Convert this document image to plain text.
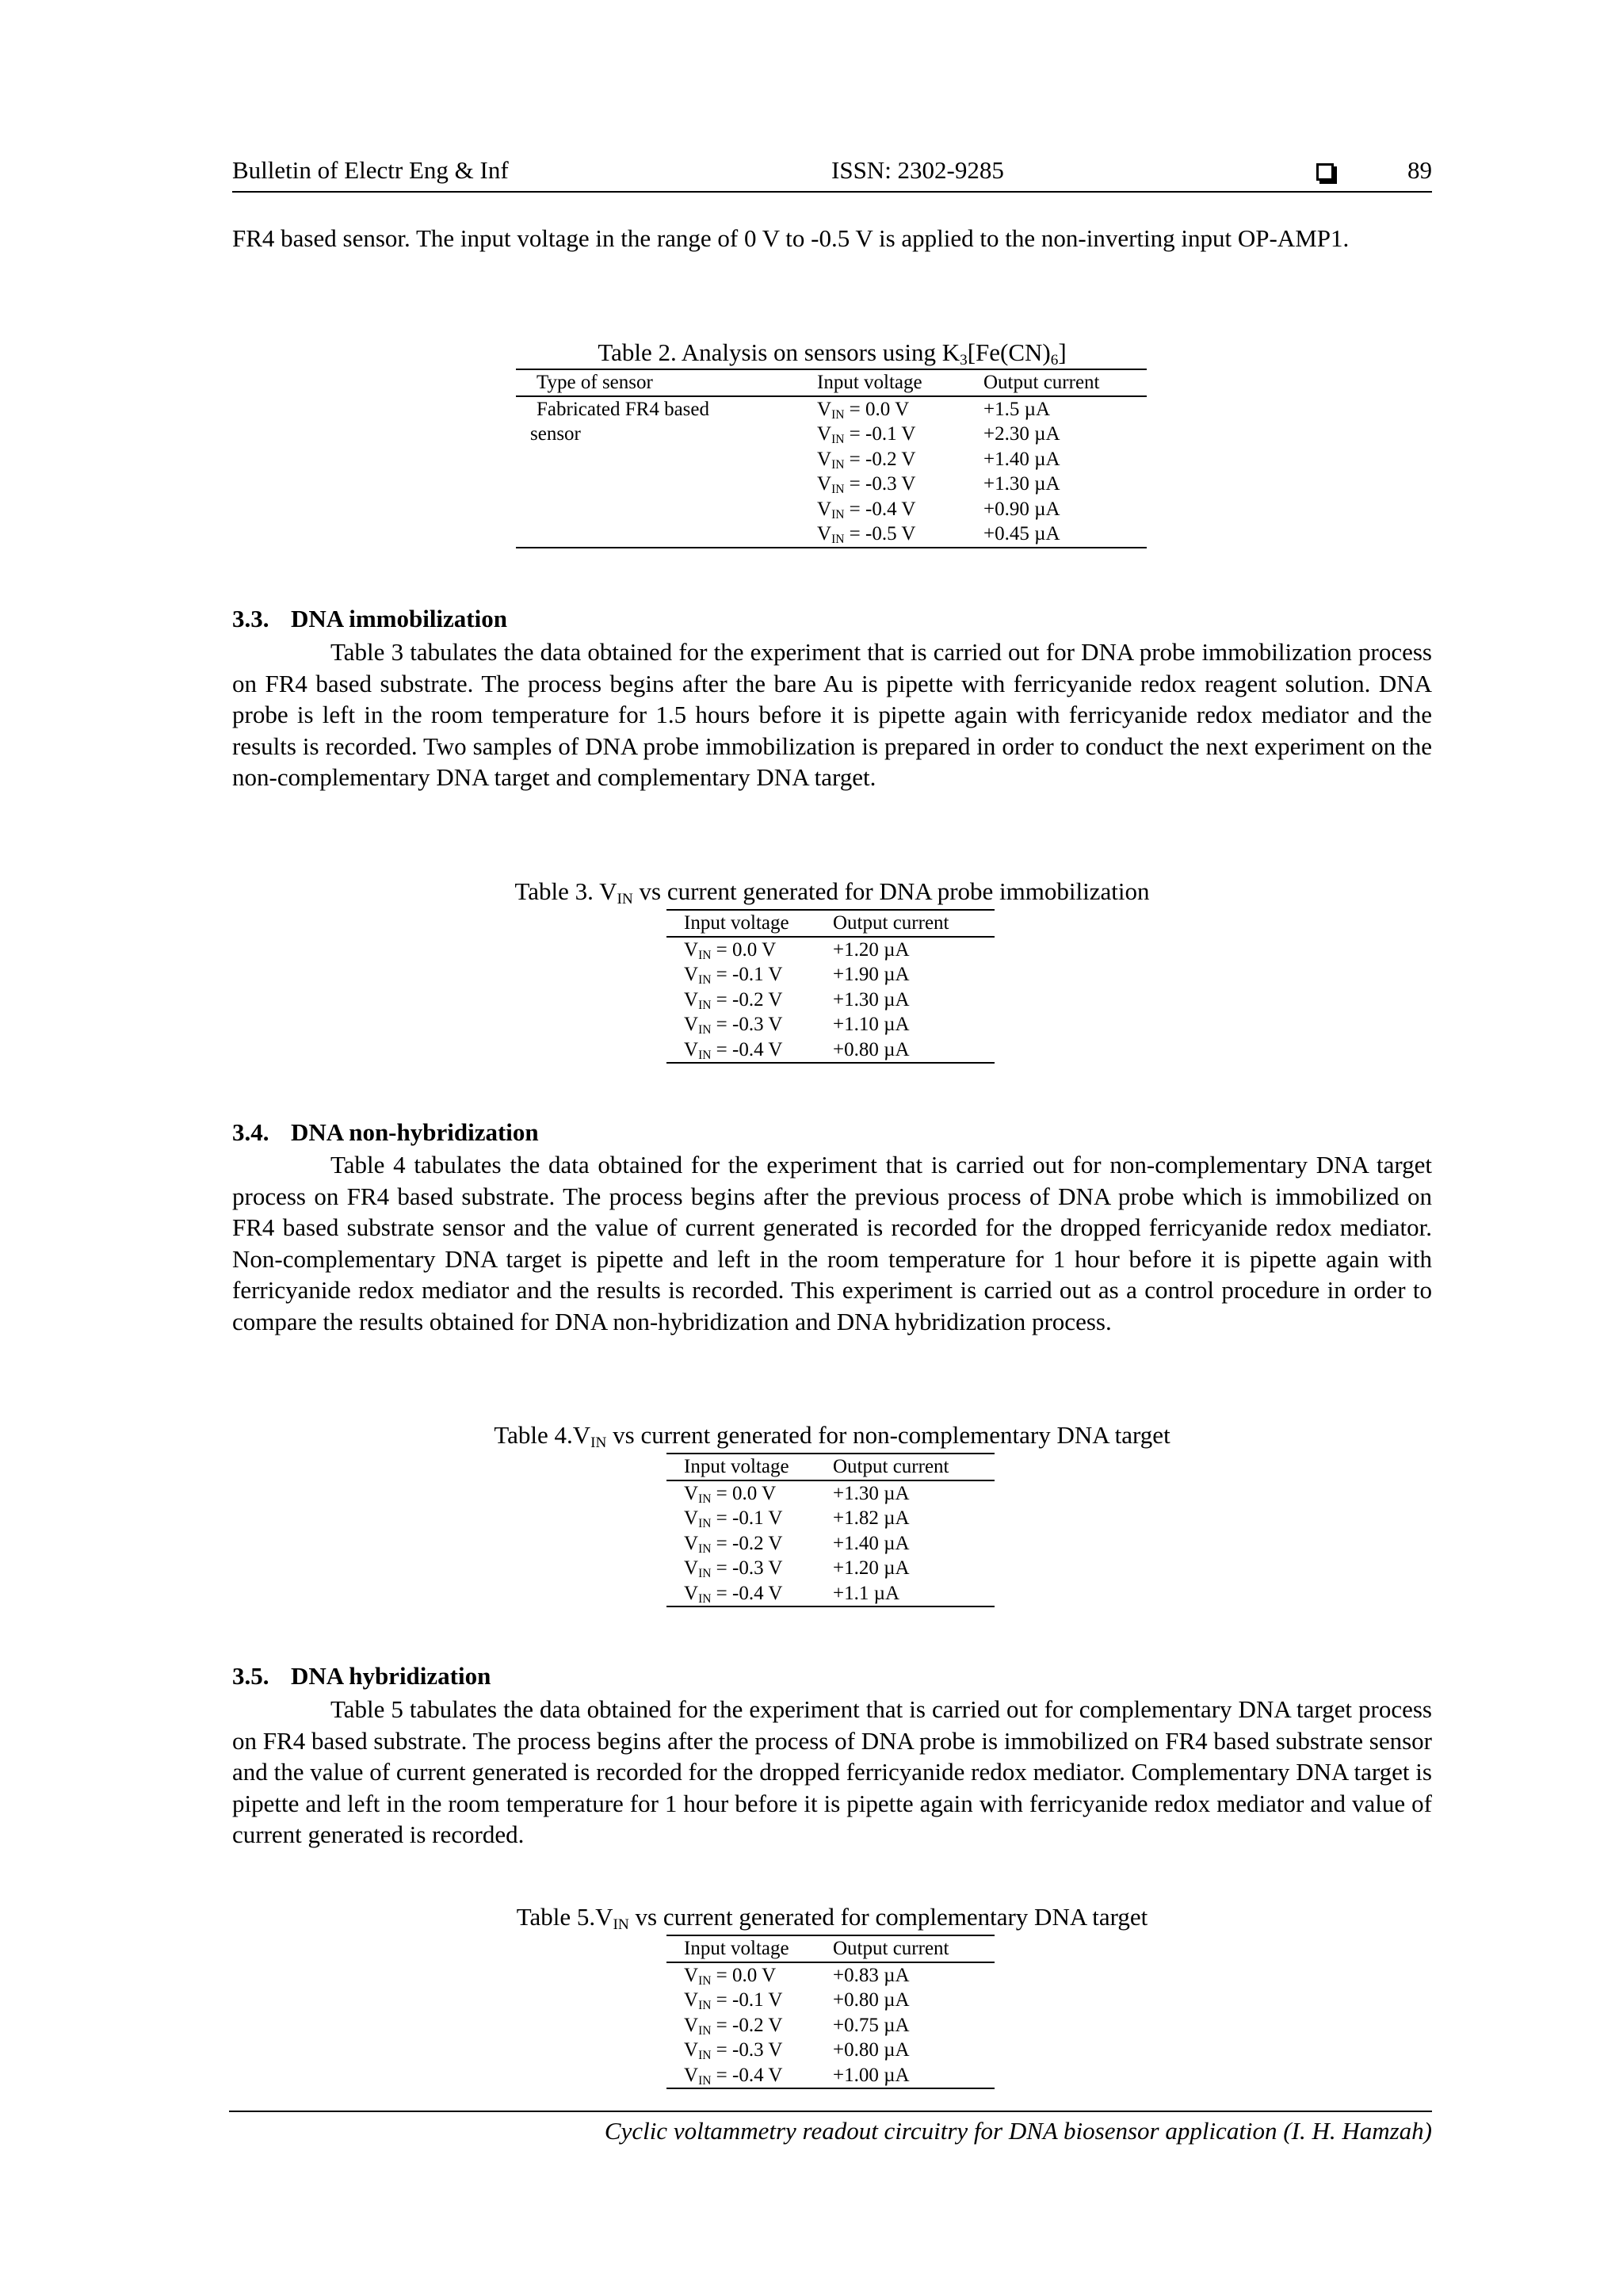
Bulletin of Electr Eng & Inf	ISSN: 2302-9285	89

FR4 based sensor. The input voltage in the range of 0 V to -0.5 V is applied to the non-inverting input OP-AMP1.

Table 2. Analysis on sensors using $K_3[Fe(CN)_6]$

Type of sensor	Input voltage	Output current
Fabricated FR4 based	$V_{IN} = 0.0$ V	+1.5 µA
sensor	$V_{IN} = -0.1$ V	+2.30 µA
	$V_{IN} = -0.2$ V	+1.40 µA
	$V_{IN} = -0.3$ V	+1.30 µA
	$V_{IN} = -0.4$ V	+0.90 µA
	$V_{IN} = -0.5$ V	+0.45 µA

3.3. DNA immobilization

Table 3 tabulates the data obtained for the experiment that is carried out for DNA probe immobilization process on FR4 based substrate. The process begins after the bare Au is pipette with ferricyanide redox reagent solution. DNA probe is left in the room temperature for 1.5 hours before it is pipette again with ferricyanide redox mediator and the results is recorded. Two samples of DNA probe immobilization is prepared in order to conduct the next experiment on the non-complementary DNA target and complementary DNA target.

Table 3. $V_{IN}$ vs current generated for DNA probe immobilization

Input voltage	Output current
$V_{IN} = 0.0$ V	+1.20 µA
$V_{IN} = -0.1$ V	+1.90 µA
$V_{IN} = -0.2$ V	+1.30 µA
$V_{IN} = -0.3$ V	+1.10 µA
$V_{IN} = -0.4$ V	+0.80 µA

3.4. DNA non-hybridization

Table 4 tabulates the data obtained for the experiment that is carried out for non-complementary DNA target process on FR4 based substrate. The process begins after the previous process of DNA probe which is immobilized on FR4 based substrate sensor and the value of current generated is recorded for the dropped ferricyanide redox mediator. Non-complementary DNA target is pipette and left in the room temperature for 1 hour before it is pipette again with ferricyanide redox mediator and the results is recorded. This experiment is carried out as a control procedure in order to compare the results obtained for DNA non-hybridization and DNA hybridization process.

Table $4.V_{IN}$ vs current generated for non-complementary DNA target

Input voltage	Output current
$V_{IN} = 0.0$ V	+1.30 µA
$V_{IN} = -0.1$ V	+1.82 µA
$V_{IN} = -0.2$ V	+1.40 µA
$V_{IN} = -0.3$ V	+1.20 µA
$V_{IN} = -0.4$ V	+1.1 µA

3.5. DNA hybridization

Table 5 tabulates the data obtained for the experiment that is carried out for complementary DNA target process on FR4 based substrate. The process begins after the process of DNA probe is immobilized on FR4 based substrate sensor and the value of current generated is recorded for the dropped ferricyanide redox mediator. Complementary DNA target is pipette and left in the room temperature for 1 hour before it is pipette again with ferricyanide redox mediator and value of current generated is recorded.

Table $5.V_{IN}$ vs current generated for complementary DNA target

Input voltage	Output current
$V_{IN} = 0.0$ V	+0.83 µA
$V_{IN} = -0.1$ V	+0.80 µA
$V_{IN} = -0.2$ V	+0.75 µA
$V_{IN} = -0.3$ V	+0.80 µA
$V_{IN} = -0.4$ V	+1.00 µA
Cyclic voltammetry readout circuitry for DNA biosensor application (I. H. Hamzah)
